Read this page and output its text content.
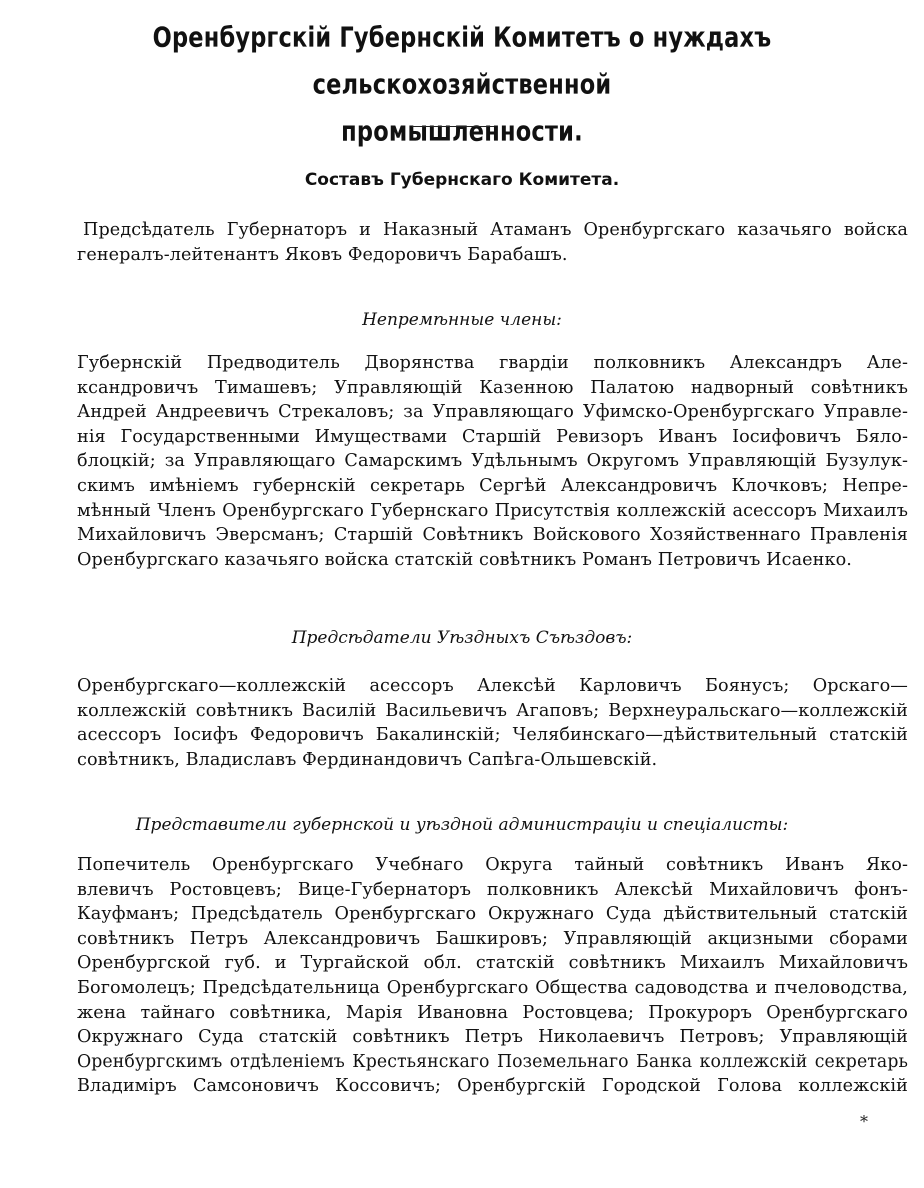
Оренбургскій Губернскій Комитетъ о нуждахъ сельскохозяйственной
промышленности.
Составъ Губернскаго Комитета.
Предсѣдатель Губернаторъ и Наказный Атаманъ Оренбургскаго казачьяго войска
генералъ-лейтенантъ Яковъ Федоровичъ Барабашъ.
Непремѣнные члены:
Губернскій Предводитель Дворянства гвардіи полковникъ Александръ Але-
ксандровичъ Тимашевъ; Управляющій Казенною Палатою надворный совѣтникъ
Андрей Андреевичъ Стрекаловъ; за Управляющаго Уфимско-Оренбургскаго Управле-
нія Государственными Имуществами Старшій Ревизоръ Иванъ Іосифовичъ Бяло-
блоцкій; за Управляющаго Самарскимъ Удѣльнымъ Округомъ Управляющій Бузулук-
скимъ имѣніемъ губернскій секретарь Сергѣй Александровичъ Клочковъ; Непре-
мѣнный Членъ Оренбургскаго Губернскаго Присутствія коллежскій асессоръ Михаилъ
Михайловичъ Эверсманъ; Старшій Совѣтникъ Войскового Хозяйственнаго Правленія
Оренбургскаго казачьяго войска статскій совѣтникъ Романъ Петровичъ Исаенко.
Предсѣдатели Уѣздныхъ Съѣздовъ:
Оренбургскаго—коллежскій асессоръ Алексѣй Карловичъ Боянусъ; Орскаго—
коллежскій совѣтникъ Василій Васильевичъ Агаповъ; Верхнеуральскаго—коллежскій
асессоръ Іосифъ Федоровичъ Бакалинскій; Челябинскаго—дѣйствительный статскій
совѣтникъ, Владиславъ Фердинандовичъ Сапѣга-Ольшевскій.
Представители губернской и уѣздной администраціи и спеціалисты:
Попечитель Оренбургскаго Учебнаго Округа тайный совѣтникъ Иванъ Яко-
влевичъ Ростовцевъ; Вице-Губернаторъ полковникъ Алексѣй Михайловичъ фонъ-
Кауфманъ; Предсѣдатель Оренбургскаго Окружнаго Суда дѣйствительный статскій
совѣтникъ Петръ Александровичъ Башкировъ; Управляющій акцизными сборами
Оренбургской губ. и Тургайской обл. статскій совѣтникъ Михаилъ Михайловичъ
Богомолецъ; Предсѣдательница Оренбургскаго Общества садоводства и пчеловодства,
жена тайнаго совѣтника, Марія Ивановна Ростовцева; Прокуроръ Оренбургскаго
Окружнаго Суда статскій совѣтникъ Петръ Николаевичъ Петровъ; Управляющій
Оренбургскимъ отдѣленіемъ Крестьянскаго Поземельнаго Банка коллежскій секретарь
Владиміръ Самсоновичъ Коссовичъ; Оренбургскій Городской Голова коллежскій
*
